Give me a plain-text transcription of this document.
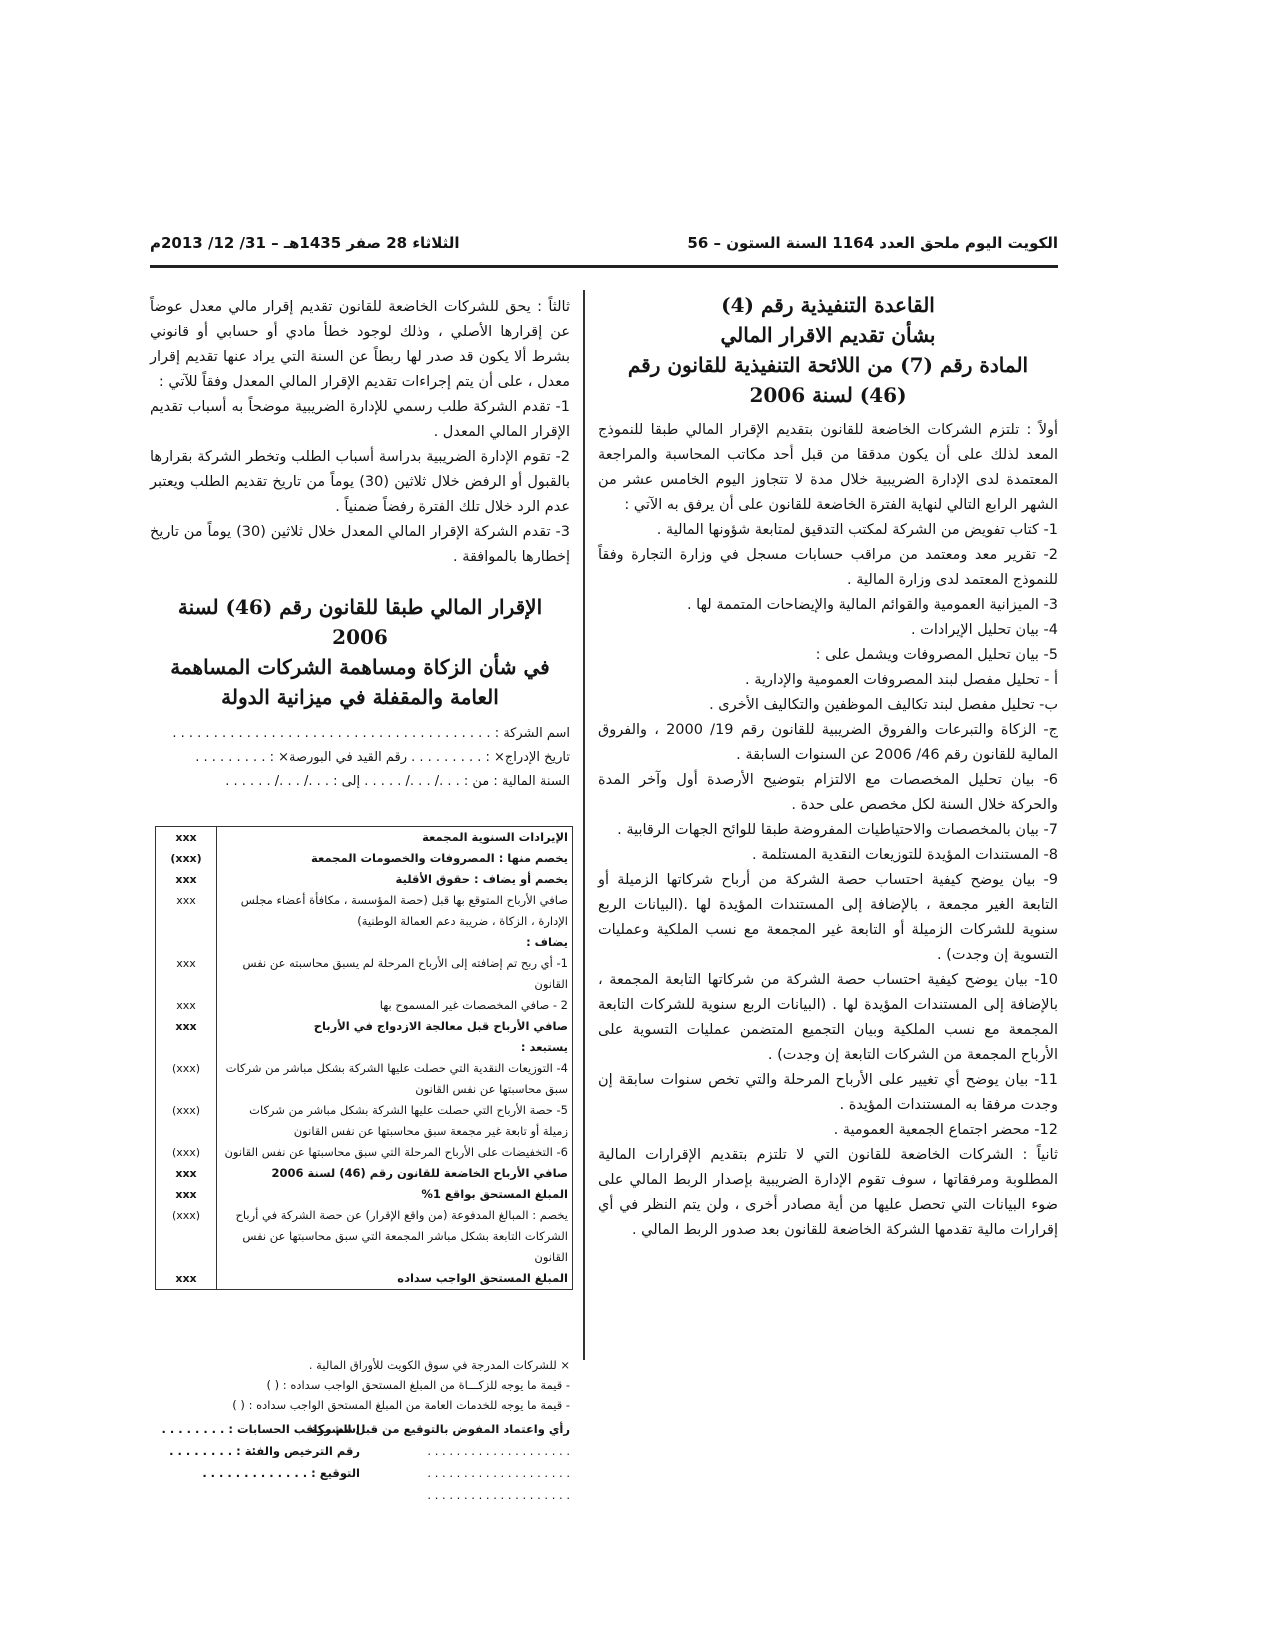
الكويت اليوم ملحق العدد 1164 السنة الستون – 56
الثلاثاء 28 صفر 1435هـ – 31/ 12/ 2013م
القاعدة التنفيذية رقم (4)
بشأن تقديم الاقرار المالي
المادة رقم (7) من اللائحة التنفيذية للقانون رقم
(46) لسنة 2006

أولاً : تلتزم الشركات الخاضعة للقانون بتقديم الإقرار المالي طبقا للنموذج المعد لذلك على أن يكون مدققا من قبل أحد مكاتب المحاسبة والمراجعة المعتمدة لدى الإدارة الضريبية خلال مدة لا تتجاوز اليوم الخامس عشر من الشهر الرابع التالي لنهاية الفترة الخاضعة للقانون على أن يرفق به الآتي :

1- كتاب تفويض من الشركة لمكتب التدقيق لمتابعة شؤونها المالية .

2- تقرير معد ومعتمد من مراقب حسابات مسجل في وزارة التجارة وفقاً للنموذج المعتمد لدى وزارة المالية .

3- الميزانية العمومية والقوائم المالية والإيضاحات المتممة لها .

4- بيان تحليل الإيرادات .

5- بيان تحليل المصروفات ويشمل على :

أ - تحليل مفصل لبند المصروفات العمومية والإدارية .

ب- تحليل مفصل لبند تكاليف الموظفين والتكاليف الأخرى .

ج- الزكاة والتبرعات والفروق الضريبية للقانون رقم 19/ 2000 ، والفروق المالية للقانون رقم 46/ 2006 عن السنوات السابقة .

6- بيان تحليل المخصصات مع الالتزام بتوضيح الأرصدة أول وآخر المدة والحركة خلال السنة لكل مخصص على حدة .

7- بيان بالمخصصات والاحتياطيات المفروضة طبقا للوائح الجهات الرقابية .

8- المستندات المؤيدة للتوزيعات النقدية المستلمة .

9- بيان يوضح كيفية احتساب حصة الشركة من أرباح شركاتها الزميلة أو التابعة الغير مجمعة ، بالإضافة إلى المستندات المؤيدة لها .(البيانات الربع سنوية للشركات الزميلة أو التابعة غير المجمعة مع نسب الملكية وعمليات التسوية إن وجدت) .

10- بيان يوضح كيفية احتساب حصة الشركة من شركاتها التابعة المجمعة ، بالإضافة إلى المستندات المؤيدة لها . (البيانات الربع سنوية للشركات التابعة المجمعة مع نسب الملكية وبيان التجميع المتضمن عمليات التسوية على الأرباح المجمعة من الشركات التابعة إن وجدت) .

11- بيان يوضح أي تغيير على الأرباح المرحلة والتي تخص سنوات سابقة إن وجدت مرفقا به المستندات المؤيدة .

12- محضر اجتماع الجمعية العمومية .

ثانياً : الشركات الخاضعة للقانون التي لا تلتزم بتقديم الإقرارات المالية المطلوبة ومرفقاتها ، سوف تقوم الإدارة الضريبية بإصدار الربط المالي على ضوء البيانات التي تحصل عليها من أية مصادر أخرى ، ولن يتم النظر في أي إقرارات مالية تقدمها الشركة الخاضعة للقانون بعد صدور الربط المالي .

ثالثاً : يحق للشركات الخاضعة للقانون تقديم إقرار مالي معدل عوضاً عن إقرارها الأصلي ، وذلك لوجود خطأ مادي أو حسابي أو قانوني بشرط ألا يكون قد صدر لها ربطاً عن السنة التي يراد عنها تقديم إقرار معدل ، على أن يتم إجراءات تقديم الإقرار المالي المعدل وفقاً للآتي :

1- تقدم الشركة طلب رسمي للإدارة الضريبية موضحاً به أسباب تقديم الإقرار المالي المعدل .

2- تقوم الإدارة الضريبية بدراسة أسباب الطلب وتخطر الشركة بقرارها بالقبول أو الرفض خلال ثلاثين (30) يوماً من تاريخ تقديم الطلب ويعتبر عدم الرد خلال تلك الفترة رفضاً ضمنياً .

3- تقدم الشركة الإقرار المالي المعدل خلال ثلاثين (30) يوماً من تاريخ إخطارها بالموافقة .

الإقرار المالي طبقا للقانون رقم (46) لسنة 2006
في شأن الزكاة ومساهمة الشركات المساهمة
العامة والمقفلة في ميزانية الدولة
اسم الشركة : . . . . . . . . . . . . . . . . . . . . . . . . . . . . . . . . . . . . . . .
تاريخ الإدراج× : . . . . . . . . . رقم القيد في البورصة× : . . . . . . . . .
السنة المالية : من : . . ./ . . ./ . . . . . إلى : . . ./ . . ./ . . . . . .
الإيرادات السنوية المجمعة	xxx
يخصم منها : المصروفات والخصومات المجمعة	(xxx)
يخصم أو يضاف : حقوق الأقلية	xxx
صافي الأرباح المتوقع بها قبل (حصة المؤسسة ، مكافأة أعضاء مجلس الإدارة ، الزكاة ، ضريبة دعم العمالة الوطنية)	xxx
يضاف :	
1- أي ربح تم إضافته إلى الأرباح المرحلة لم يسبق محاسبته عن نفس القانون	xxx
2 - صافي المخصصات غير المسموح بها	xxx
صافي الأرباح قبل معالجة الازدواج في الأرباح	xxx
يستبعد :	
4- التوزيعات النقدية التي حصلت عليها الشركة بشكل مباشر من شركات سبق محاسبتها عن نفس القانون	(xxx)
5- حصة الأرباح التي حصلت عليها الشركة بشكل مباشر من شركات زميلة أو تابعة غير مجمعة سبق محاسبتها عن نفس القانون	(xxx)
6- التخفيضات على الأرباح المرحلة التي سبق محاسبتها عن نفس القانون	(xxx)
صافي الأرباح الخاضعة للقانون رقم (46) لسنة 2006	xxx
المبلغ المستحق بواقع 1%	xxx
يخصم : المبالغ المدفوعة (من واقع الإقرار) عن حصة الشركة في أرباح الشركات التابعة بشكل مباشر المجمعة التي سبق محاسبتها عن نفس القانون	(xxx)
المبلغ المستحق الواجب سداده	xxx

× للشركات المدرجة في سوق الكويت للأوراق المالية .

- قيمة ما يوجه للزكـــاة من المبلغ المستحق الواجب سداده : ( )

- قيمة ما يوجه للخدمات العامة من المبلغ المستحق الواجب سداده : ( )

رأي واعتماد المفوض بالتوقيع من قبل الشركة

. . . . . . . . . . . . . . . . . . . .

. . . . . . . . . . . . . . . . . . . .

. . . . . . . . . . . . . . . . . . . .

اسم مراقب الحسابات : . . . . . . . .

رقم الترخيص والفئة : . . . . . . . .

التوقيع : . . . . . . . . . . . . .
